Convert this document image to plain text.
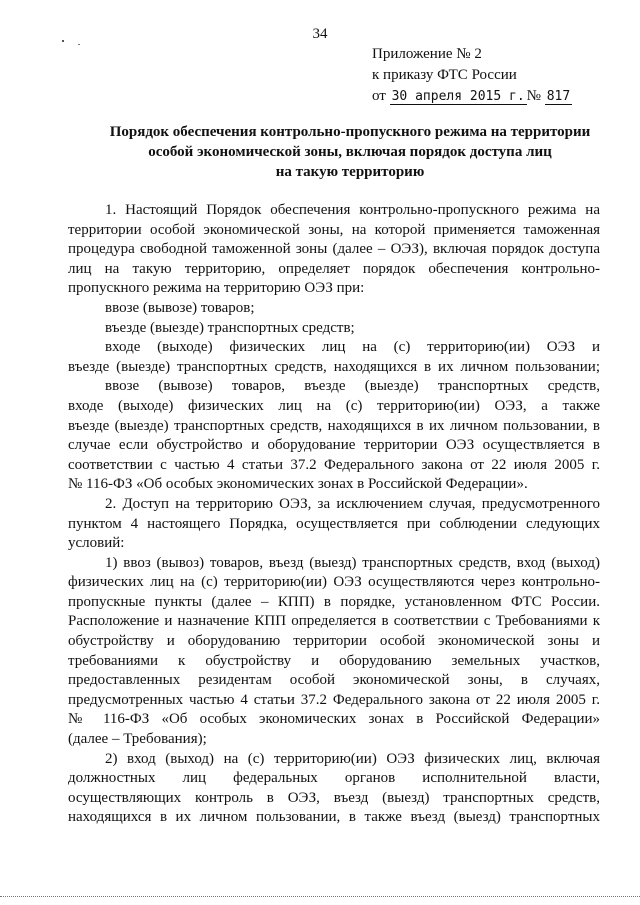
34
Приложение № 2
к приказу ФТС России
от 30 апреля 2015 г. № 817
Порядок обеспечения контрольно-пропускного режима на территории
особой экономической зоны, включая порядок доступа лиц
на такую территорию
1. Настоящий Порядок обеспечения контрольно-пропускного режима на
территории особой экономической зоны, на которой применяется таможенная
процедура свободной таможенной зоны (далее – ОЭЗ), включая порядок доступа
лиц на такую территорию, определяет порядок обеспечения контрольно-
пропускного режима на территорию ОЭЗ при:
ввозе (вывозе) товаров;
въезде (выезде) транспортных средств;
входе (выходе) физических лиц на (с) территорию(ии) ОЭЗ и
въезде (выезде) транспортных средств, находящихся в их личном пользовании;
ввозе (вывозе) товаров, въезде (выезде) транспортных средств,
входе (выходе) физических лиц на (с) территорию(ии) ОЭЗ, а также
въезде (выезде) транспортных средств, находящихся в их личном пользовании, в
случае если обустройство и оборудование территории ОЭЗ осуществляется в
соответствии с частью 4 статьи 37.2 Федерального закона от 22 июля 2005 г.
№ 116-ФЗ «Об особых экономических зонах в Российской Федерации».
2. Доступ на территорию ОЭЗ, за исключением случая, предусмотренного
пунктом 4 настоящего Порядка, осуществляется при соблюдении следующих
условий:
1) ввоз (вывоз) товаров, въезд (выезд) транспортных средств, вход (выход)
физических лиц на (с) территорию(ии) ОЭЗ осуществляются через контрольно-
пропускные пункты (далее – КПП) в порядке, установленном ФТС России.
Расположение и назначение КПП определяется в соответствии с Требованиями к
обустройству и оборудованию территории особой экономической зоны и
требованиями к обустройству и оборудованию земельных участков,
предоставленных резидентам особой экономической зоны, в случаях,
предусмотренных частью 4 статьи 37.2 Федерального закона от 22 июля 2005 г.
№ 116-ФЗ «Об особых экономических зонах в Российской Федерации»
(далее – Требования);
2) вход (выход) на (с) территорию(ии) ОЭЗ физических лиц, включая
должностных лиц федеральных органов исполнительной власти,
осуществляющих контроль в ОЭЗ, въезд (выезд) транспортных средств,
находящихся в их личном пользовании, в также въезд (выезд) транспортных
